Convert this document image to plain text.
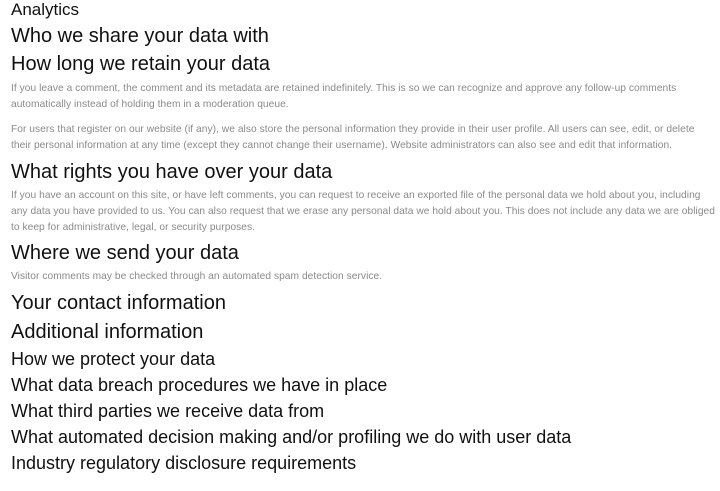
Analytics
Who we share your data with
How long we retain your data

If you leave a comment, the comment and its metadata are retained indefinitely. This is so we can recognize and approve any follow-up comments automatically instead of holding them in a moderation queue.

For users that register on our website (if any), we also store the personal information they provide in their user profile. All users can see, edit, or delete their personal information at any time (except they cannot change their username). Website administrators can also see and edit that information.

What rights you have over your data

If you have an account on this site, or have left comments, you can request to receive an exported file of the personal data we hold about you, including any data you have provided to us. You can also request that we erase any personal data we hold about you. This does not include any data we are obliged to keep for administrative, legal, or security purposes.

Where we send your data

Visitor comments may be checked through an automated spam detection service.

Your contact information
Additional information
How we protect your data
What data breach procedures we have in place
What third parties we receive data from
What automated decision making and/or profiling we do with user data
Industry regulatory disclosure requirements
